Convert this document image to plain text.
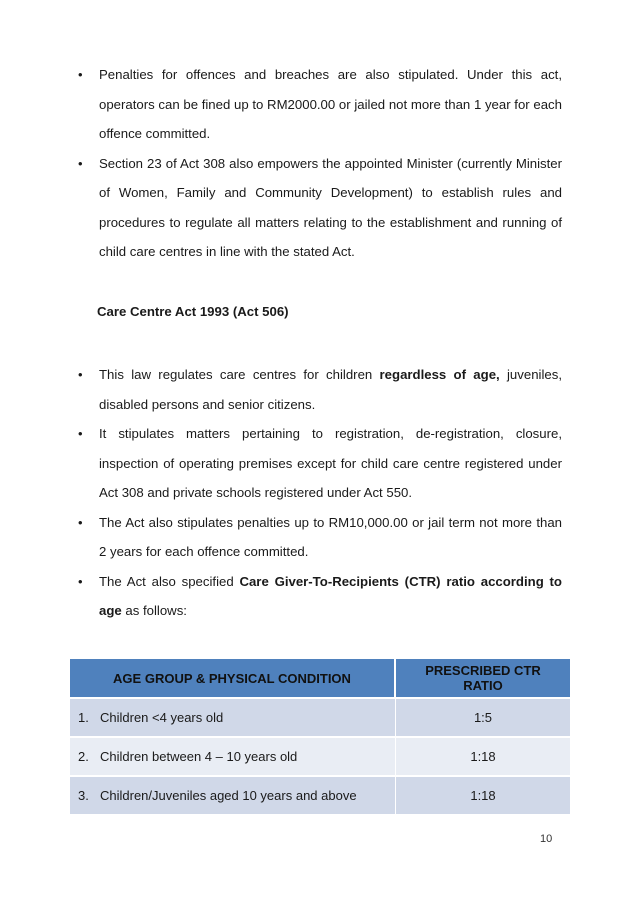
• Penalties for offences and breaches are also stipulated. Under this act, operators can be fined up to RM2000.00 or jailed not more than 1 year for each offence committed.
• Section 23 of Act 308 also empowers the appointed Minister (currently Minister of Women, Family and Community Development) to establish rules and procedures to regulate all matters relating to the establishment and running of child care centres in line with the stated Act.
Care Centre Act 1993 (Act 506)
• This law regulates care centres for children regardless of age, juveniles, disabled persons and senior citizens.
• It stipulates matters pertaining to registration, de-registration, closure, inspection of operating premises except for child care centre registered under Act 308 and private schools registered under Act 550.
• The Act also stipulates penalties up to RM10,000.00 or jail term not more than 2 years for each offence committed.
• The Act also specified Care Giver-To-Recipients (CTR) ratio according to age as follows:
AGE GROUP & PHYSICAL CONDITION	PRESCRIBED CTR RATIO
1. Children <4 years old	1:5
2. Children between 4 – 10 years old	1:18
3. Children/Juveniles aged 10 years and above	1:18
10
